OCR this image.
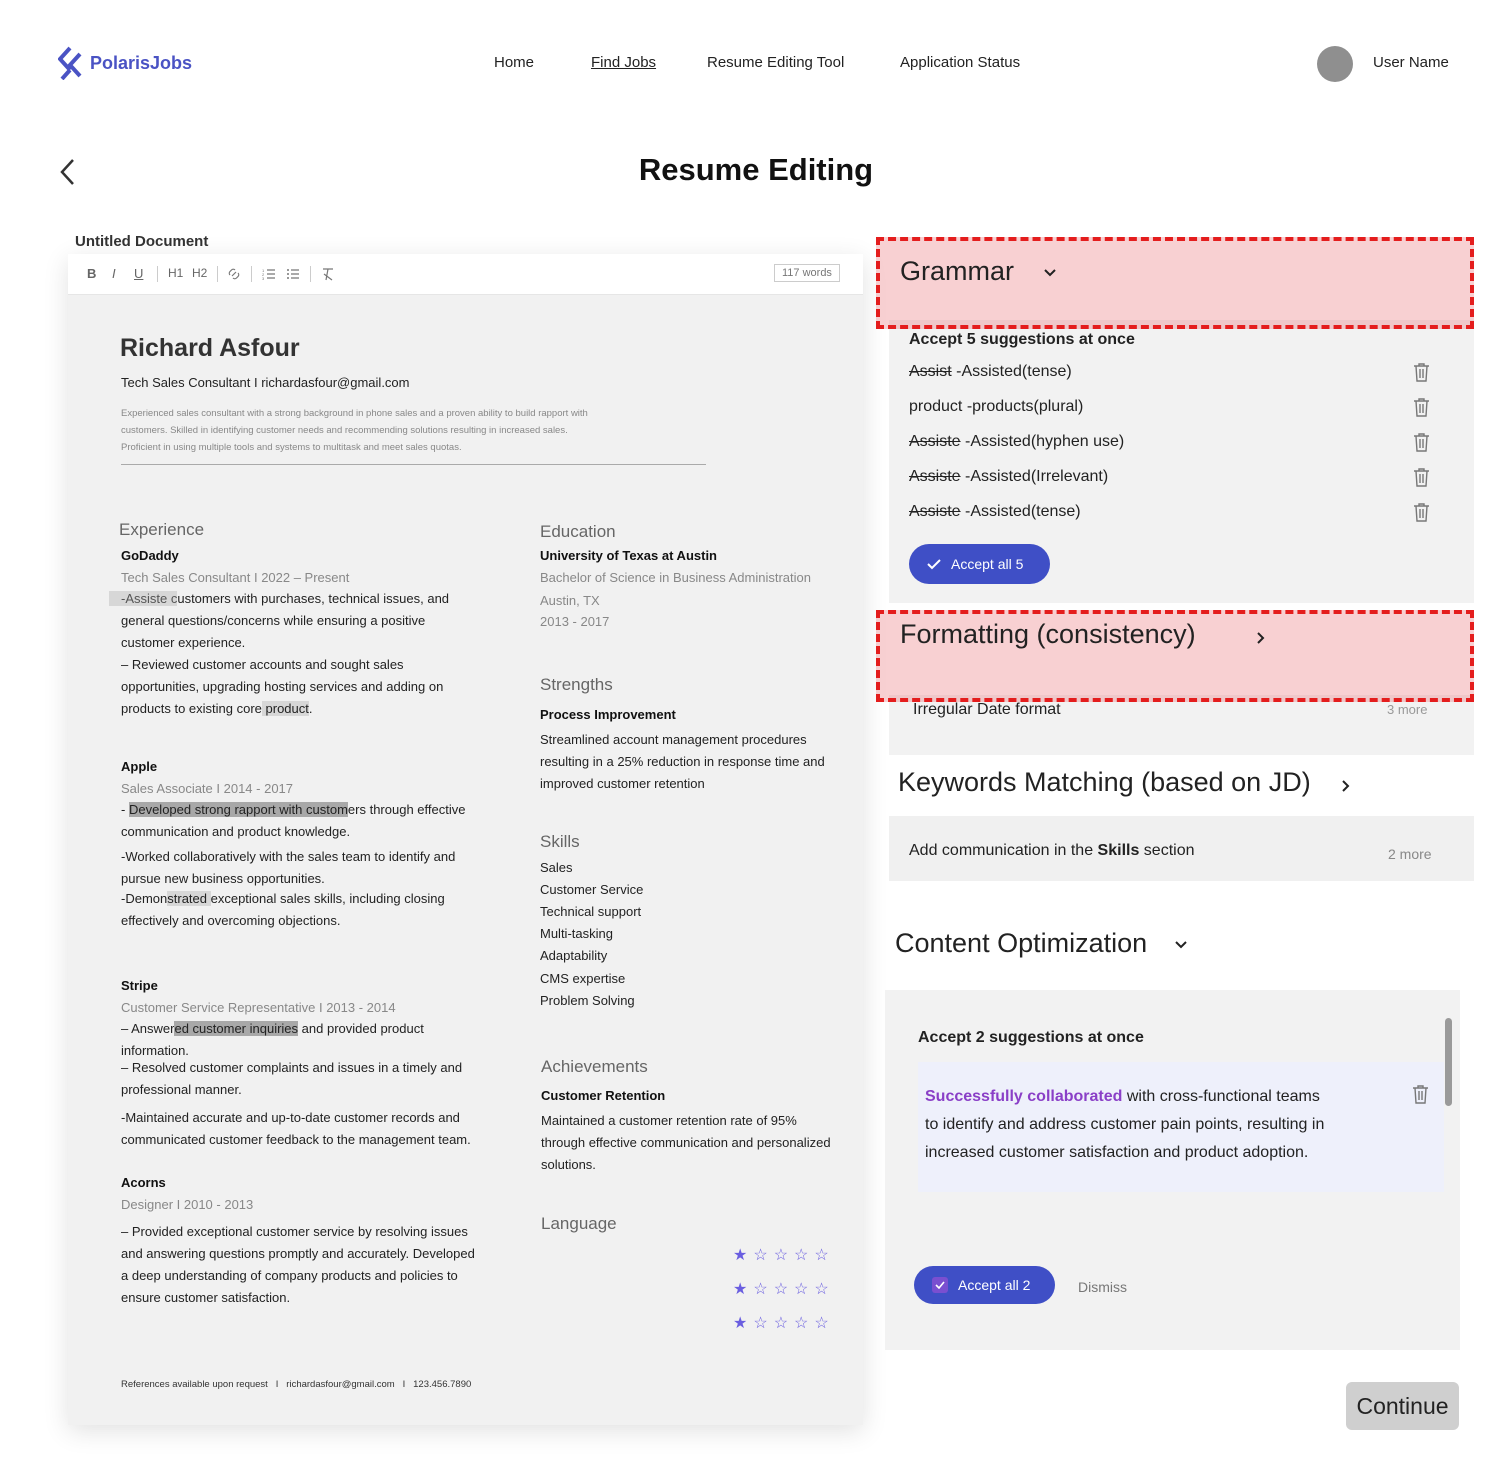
PolarisJobs	Home	Find Jobs	Resume Editing Tool	Application Status	User Name
Resume Editing
Untitled Document
B I U H1 H2	1
2
3	117 words
Richard Asfour
Tech Sales Consultant I richardasfour@gmail.com
Experienced sales consultant with a strong background in phone sales and a proven ability to build rapport with
customers. Skilled in identifying customer needs and recommending solutions resulting in increased sales.
Proficient in using multiple tools and systems to multitask and meet sales quotas.
Experience
GoDaddy
Tech Sales Consultant I 2022 – Present
-Assiste customers with purchases, technical issues, and
general questions/concerns while ensuring a positive
customer experience.
– Reviewed customer accounts and sought sales
opportunities, upgrading hosting services and adding on
products to existing core product.
Apple
Sales Associate I 2014 - 2017
- Developed strong rapport with customers through effective
communication and product knowledge.
-Worked collaboratively with the sales team to identify and
pursue new business opportunities.
-Demonstrated exceptional sales skills, including closing
effectively and overcoming objections.
Stripe
Customer Service Representative I 2013 - 2014
– Answered customer inquiries and provided product
information.
– Resolved customer complaints and issues in a timely and
professional manner.
-Maintained accurate and up-to-date customer records and
communicated customer feedback to the management team.
Acorns
Designer I 2010 - 2013
– Provided exceptional customer service by resolving issues
and answering questions promptly and accurately. Developed
a deep understanding of company products and policies to
ensure customer satisfaction.
Education
University of Texas at Austin
Bachelor of Science in Business Administration
Austin, TX
2013 - 2017
Strengths
Process Improvement
Streamlined account management procedures
resulting in a 25% reduction in response time and
improved customer retention
Skills
Sales
Customer Service
Technical support
Multi-tasking
Adaptability
CMS expertise
Problem Solving
Achievements
Customer Retention
Maintained a customer retention rate of 95%
through effective communication and personalized
solutions.
Language
★☆☆☆☆
★☆☆☆☆
★☆☆☆☆
References available upon request   I   richardasfour@gmail.com   I   123.456.7890
Grammar
Accept 5 suggestions at once
Assist -Assisted(tense)
product -products(plural)
Assiste -Assisted(hyphen use)
Assiste -Assisted(Irrelevant)
Assiste -Assisted(tense)
Accept all 5
Formatting (consistency)
Irregular Date format	3 more
Keywords Matching (based on JD)
Add communication in the Skills section	2 more
Content Optimization
Accept 2 suggestions at once
Successfully collaborated with cross-functional teams
to identify and address customer pain points, resulting in
increased customer satisfaction and product adoption.
Accept all 2	Dismiss
Continue
